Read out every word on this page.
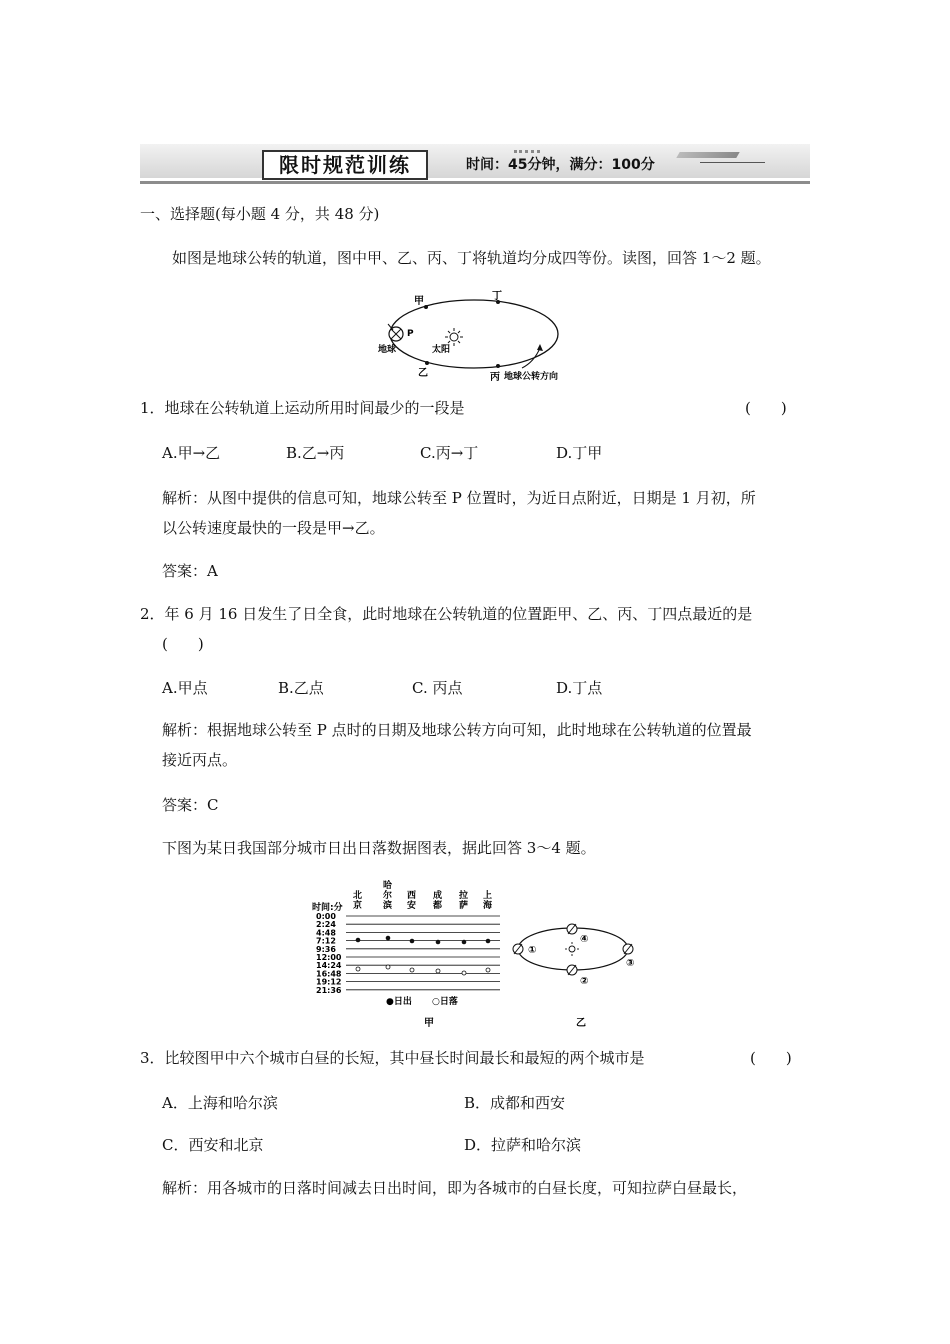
限时规范训练	时间：45分钟，满分：100分
一、选择题(每小题 4 分，共 48 分)
如图是地球公转的轨道，图中甲、乙、丙、丁将轨道均分成四等份。读图，回答 1～2 题。
甲	丁
P
地球	太阳
乙	丙 地球公转方向
1．地球在公转轨道上运动所用时间最少的一段是	(　　)
A.甲→乙	B.乙→丙	C.丙→丁	D.丁甲
解析：从图中提供的信息可知，地球公转至 P 位置时，为近日点附近，日期是 1 月初，所
以公转速度最快的一段是甲→乙。
答案：A
2．年 6 月 16 日发生了日全食，此时地球在公转轨道的位置距甲、乙、丙、丁四点最近的是
(　　)
A.甲点	B.乙点	C. 丙点	D.丁点
解析：根据地球公转至 P 点时的日期及地球公转方向可知，此时地球在公转轨道的位置最
接近丙点。
答案：C
下图为某日我国部分城市日出日落数据图表，据此回答 3～4 题。
时间:分
北
京
哈
尔
滨
西
安
成
都
拉
萨
上
海
0:00
2:24
4:48
7:12
9:36
12:00
14:24
16:48
19:12
21:36
●日出 ○日落
甲
①
④
③
②
乙
3．比较图甲中六个城市白昼的长短，其中昼长时间最长和最短的两个城市是	(　　)
A．上海和哈尔滨	B．成都和西安
C．西安和北京	D．拉萨和哈尔滨
解析：用各城市的日落时间减去日出时间，即为各城市的白昼长度，可知拉萨白昼最长，
